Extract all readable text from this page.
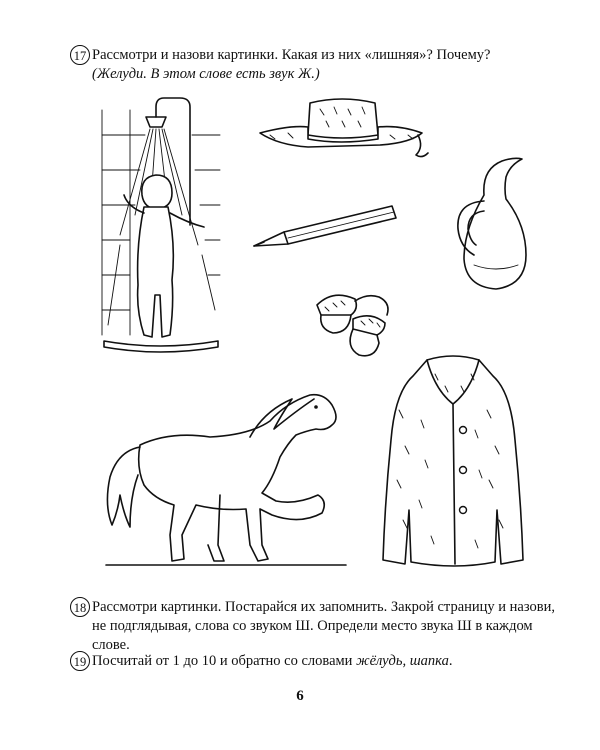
17 Рассмотри и назови картинки. Какая из них «лишняя»? Почему?
(Желуди. В этом слове есть звук Ж.)
18 Рассмотри картинки. Постарайся их запомнить. Закрой страницу и назови, не подглядывая, слова со звуком Ш. Определи место звука Ш в каждом слове.
19 Посчитай от 1 до 10 и обратно со словами жёлудь, шапка.
6
